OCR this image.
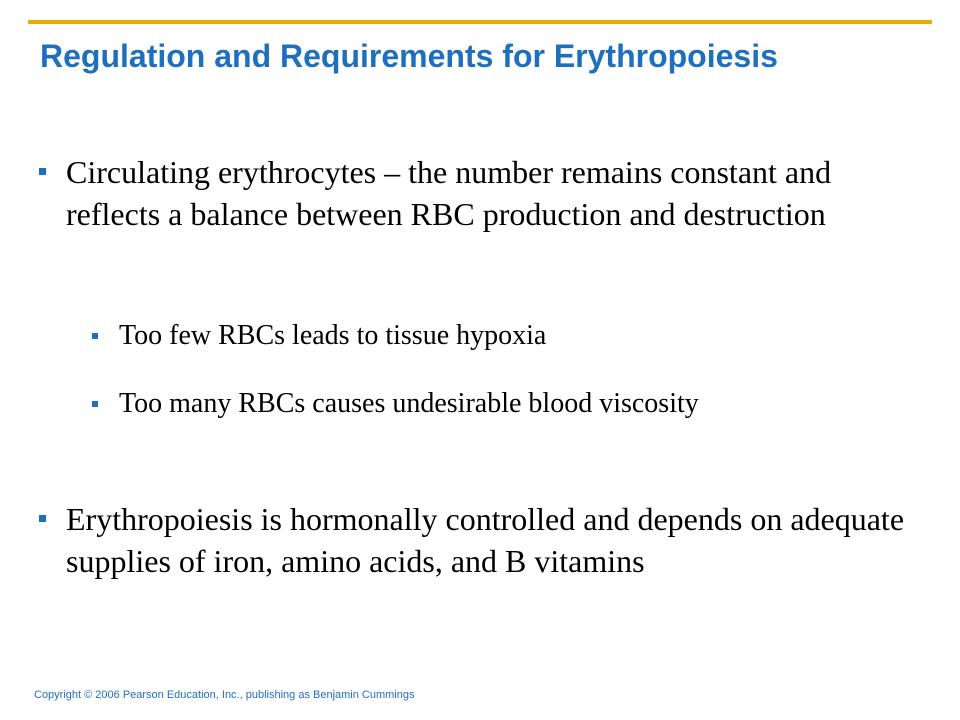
Regulation and Requirements for Erythropoiesis
Circulating erythrocytes – the number remains constant and reflects a balance between RBC production and destruction
Too few RBCs leads to tissue hypoxia
Too many RBCs causes undesirable blood viscosity
Erythropoiesis is hormonally controlled and depends on adequate supplies of iron, amino acids, and B vitamins
Copyright © 2006 Pearson Education, Inc., publishing as Benjamin Cummings
